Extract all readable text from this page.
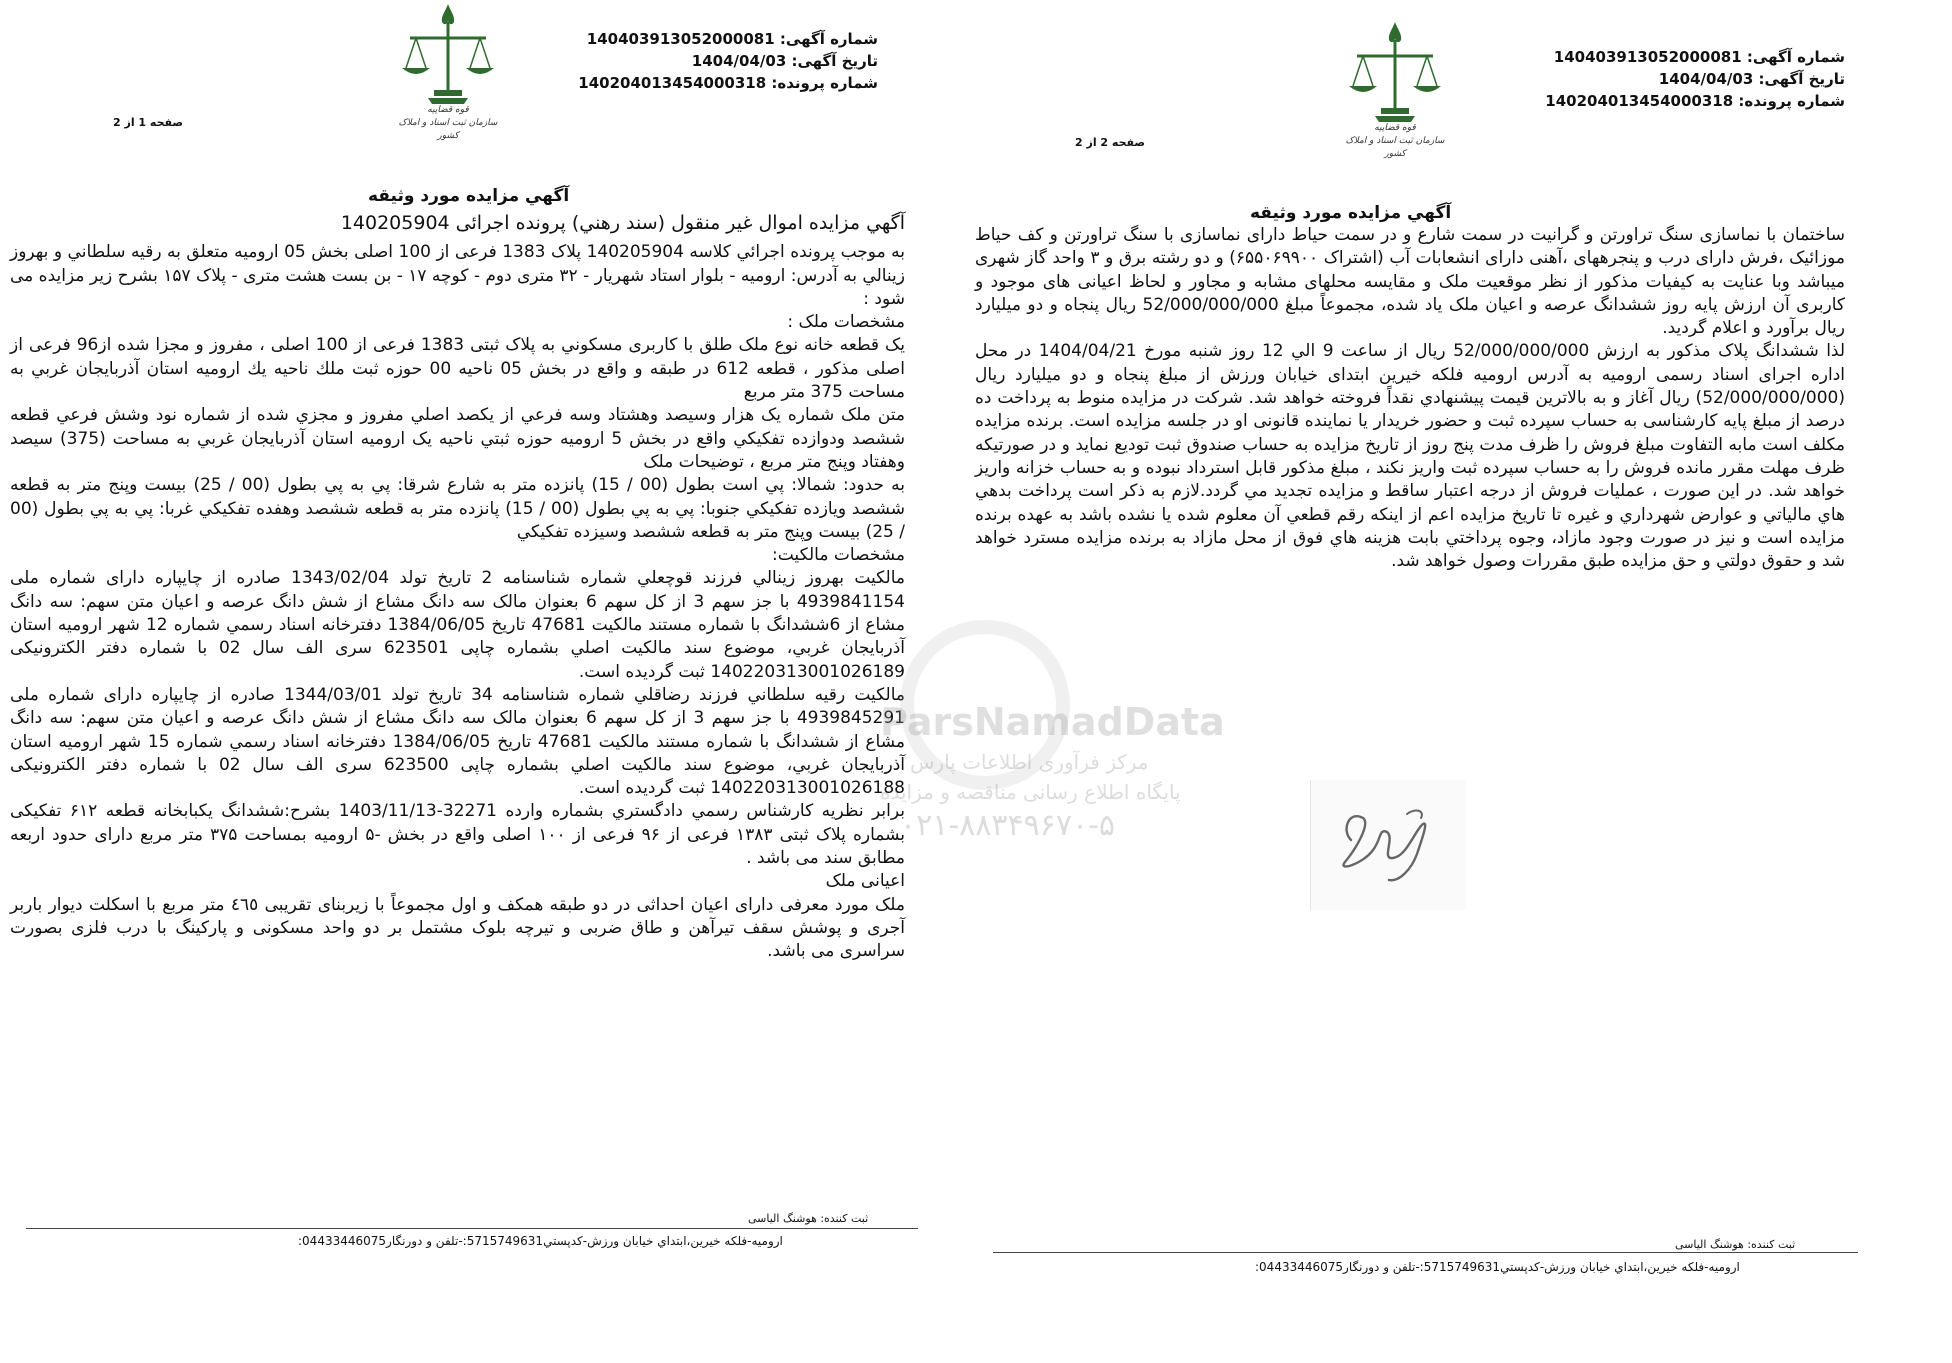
قوه قضاییه
سازمان ثبت اسناد و املاک کشور
شماره آگهی: 140403913052000081
تاریخ آگهی: 1404/04/03
شماره پرونده: 140204013454000318
صفحه 1 از 2
آگهي مزايده مورد وثيقه

آگهي مزايده اموال غير منقول (سند رهني) پرونده اجرائی 140205904

به موجب پرونده اجرائي كلاسه 140205904 پلاک 1383 فرعی از 100 اصلی بخش 05 ارومیه متعلق به رقيه سلطاني و بهروز زينالي به آدرس: ارومیه - بلوار استاد شهریار - ۳۲ متری دوم - کوچه ۱۷ - بن بست هشت متری - پلاک ۱۵۷ بشرح زير مزايده مى شود :

مشخصات ملک :

یک قطعه خانه نوع ملک طلق با كاربرى مسكوني به پلاک ثبتی 1383 فرعی از 100 اصلی ، مفروز و مجزا شده از96 فرعی از اصلی مذکور ، قطعه 612 در طبقه و واقع در بخش 05 ناحیه 00 حوزه ثبت ملك ناحيه يك اروميه استان آذربايجان غربي به مساحت 375 متر مربع

متن ملک شماره یک هزار وسیصد وهشتاد وسه فرعي از یکصد اصلي مفروز و مجزي شده از شماره نود وشش فرعي قطعه ششصد ودوازده تفكيكي واقع در بخش 5 اروميه حوزه ثبتي ناحيه يک اروميه استان آذربايجان غربي به مساحت (375) سيصد وهفتاد وپنج متر مربع ، توضيحات ملک

به حدود: شمالا: پي است بطول (00 / 15) پانزده متر به شارع شرقا: پي به پي بطول (00 / 25) بيست وپنج متر به قطعه ششصد ويازده تفكيكي جنوبا: پي به پي بطول (00 / 15) پانزده متر به قطعه ششصد وهفده تفكيكي غربا: پي به پي بطول (00 / 25) بيست وپنج متر به قطعه ششصد وسيزده تفكيكي

مشخصات مالکیت:

مالکیت بهروز زينالي فرزند قوچعلي شماره شناسنامه 2 تاریخ تولد 1343/02/04 صادره از چايپاره دارای شماره ملی 4939841154 با جز سهم 3 از كل سهم 6 بعنوان مالک سه دانگ مشاع از شش دانگ عرصه و اعيان متن سهم: سه دانگ مشاع از 6ششدانگ با شماره مستند مالكيت 47681 تاريخ 1384/06/05 دفترخانه اسناد رسمي شماره 12 شهر اروميه استان آذربايجان غربي، موضوع سند مالكيت اصلي بشماره چاپی 623501 سری الف سال 02 با شماره دفتر الکترونیکی 140220313001026189 ثبت گرديده است.

مالکیت رقيه سلطاني فرزند رضاقلي شماره شناسنامه 34 تاریخ تولد 1344/03/01 صادره از چايپاره دارای شماره ملی 4939845291 با جز سهم 3 از كل سهم 6 بعنوان مالک سه دانگ مشاع از شش دانگ عرصه و اعيان متن سهم: سه دانگ مشاع از ششدانگ با شماره مستند مالكيت 47681 تاريخ 1384/06/05 دفترخانه اسناد رسمي شماره 15 شهر اروميه استان آذربايجان غربي، موضوع سند مالكيت اصلي بشماره چاپی 623500 سری الف سال 02 با شماره دفتر الکترونیکی 140220313001026188 ثبت گرديده است.

برابر نظريه كارشناس رسمي دادگستري بشماره وارده 32271-1403/11/13 بشرح:ششدانگ یکبابخانه قطعه ۶۱۲ تفکیکی بشماره پلاک ثبتی ۱۳۸۳ فرعی از ۹۶ فرعی از ۱۰۰ اصلی واقع در بخش -۵ ارومیه بمساحت ۳۷۵ متر مربع دارای حدود اربعه مطابق سند می باشد .

اعیانی ملک

ملک مورد معرفی دارای اعیان احداثی در دو طبقه همکف و اول مجموعاً با زیربنای تقریبی ٤٦٥ متر مربع با اسکلت دیوار باربر آجری و پوشش سقف تیرآهن و طاق ضربی و تیرچه بلوک مشتمل بر دو واحد مسکونی و پارکینگ با درب فلزی بصورت سراسری می باشد.

ثبت کننده: هوشنگ الیاسی
اروميه-فلكه خيرين،ابتداي خيابان ورزش-كدپستي5715749631:-تلفن و دورنگار04433446075:
قوه قضاییه
سازمان ثبت اسناد و املاک کشور
شماره آگهی: 140403913052000081
تاریخ آگهی: 1404/04/03
شماره پرونده: 140204013454000318
صفحه 2 از 2
آگهي مزايده مورد وثيقه

ساختمان با نماسازی سنگ تراورتن و گرانیت در سمت شارع و در سمت حیاط دارای نماسازی با سنگ تراورتن و کف حیاط موزائیک ،فرش دارای درب و پنجرههای ،آهنی دارای انشعابات آب (اشتراک ۶۵۵۰۶۹۹۰۰) و دو رشته برق و ۳ واحد گاز شهری میباشد وبا عنایت به کیفیات مذکور از نظر موقعیت ملک و مقایسه محلهای مشابه و مجاور و لحاظ اعیانی های موجود و کاربری آن ارزش پایه روز ششدانگ عرصه و اعیان ملک یاد شده، مجموعاً مبلغ 52/000/000/000 ریال پنجاه و دو میلیارد ریال برآورد و اعلام گردید.

لذا ششدانگ پلاک مذكور به ارزش 52/000/000/000 ريال از ساعت 9 الي 12 روز شنبه مورخ 1404/04/21 در محل اداره اجرای اسناد رسمی ارومیه به آدرس ارومیه فلکه خیرین ابتدای خیابان ورزش از مبلغ پنجاه و دو میلیارد ريال (52/000/000/000) ريال آغاز و به بالاترين قيمت پيشنهادي نقداً فروخته خواهد شد. شركت در مزايده منوط به پرداخت ده درصد از مبلغ پايه كارشناسی به حساب سپرده ثبت و حضور خریدار یا نماینده قانونی او در جلسه مزایده است. برنده مزایده مکلف است مابه التفاوت مبلغ فروش را ظرف مدت پنج روز از تاريخ مزايده به حساب صندوق ثبت توديع نمايد و در صورتيكه ظرف مهلت مقرر مانده فروش را به حساب سپرده ثبت واريز نكند ، مبلغ مذكور قابل استرداد نبوده و به حساب خزانه واريز خواهد شد. در اين صورت ، عمليات فروش از درجه اعتبار ساقط و مزايده تجديد مي گردد.لازم به ذكر است پرداخت بدهي هاي مالياتي و عوارض شهرداري و غيره تا تاريخ مزايده اعم از اينكه رقم قطعي آن معلوم شده يا نشده باشد به عهده برنده مزايده است و نيز در صورت وجود مازاد، وجوه پرداختي بابت هزينه هاي فوق از محل مازاد به برنده مزايده مسترد خواهد شد و حقوق دولتي و حق مزايده طبق مقررات وصول خواهد شد.

ثبت کننده: هوشنگ الیاسی
اروميه-فلكه خيرين،ابتداي خيابان ورزش-كدپستي5715749631:-تلفن و دورنگار04433446075:
ParsNamadData
مرکز فرآوری اطلاعات پارس
پایگاه اطلاع رسانی مناقصه و مزایده
۰۲۱-۸۸۳۴۹۶۷۰-۵
